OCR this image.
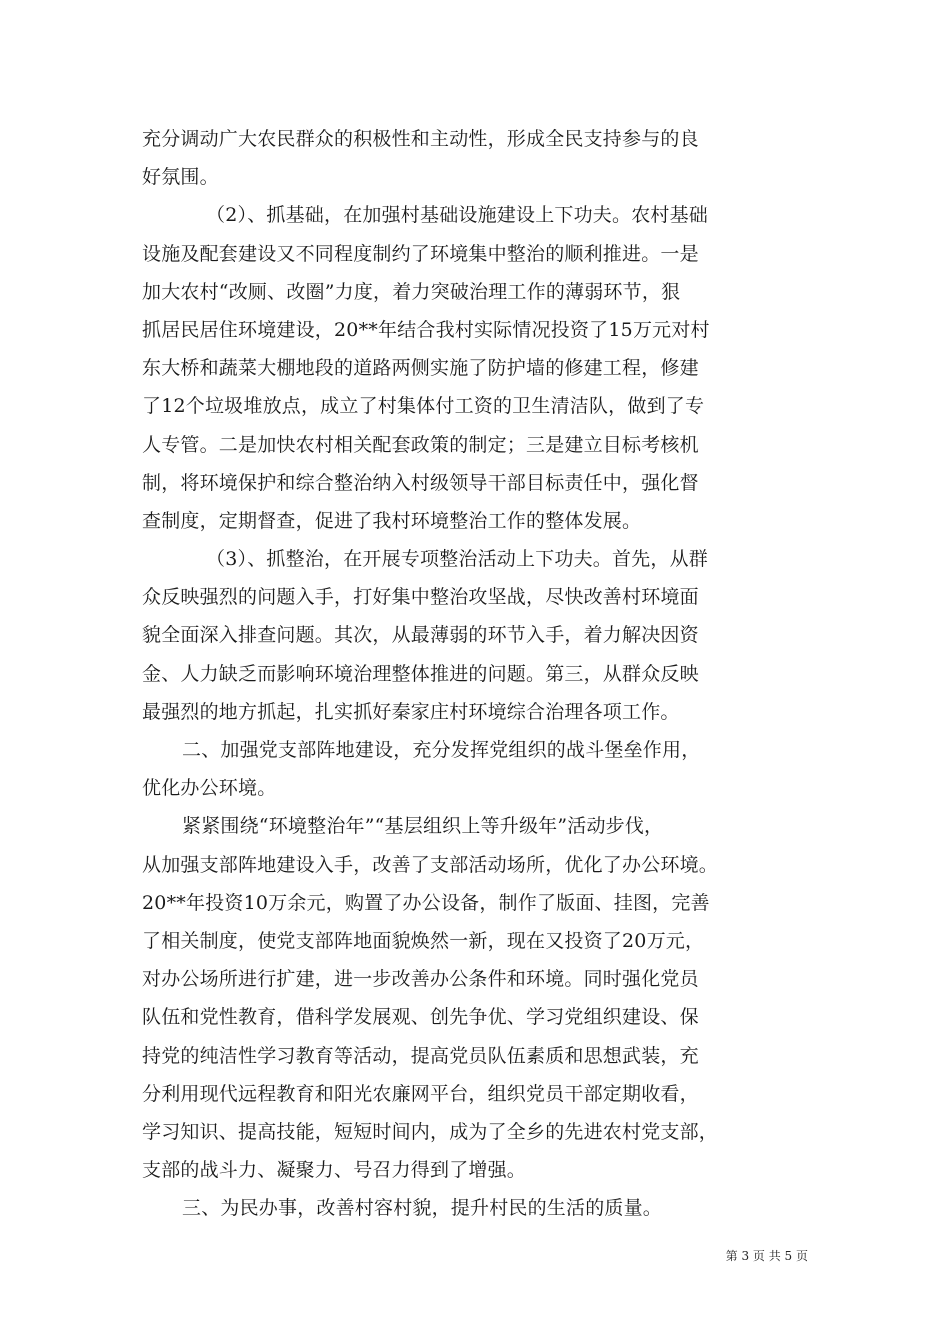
充分调动广大农民群众的积极性和主动性，形成全民支持参与的良
好氛围。
（2）、抓基础，在加强村基础设施建设上下功夫。农村基础
设施及配套建设又不同程度制约了环境集中整治的顺利推进。一是
加大农村“改厕、改圈”力度，着力突破治理工作的薄弱环节，狠
抓居民居住环境建设，20**年结合我村实际情况投资了15万元对村
东大桥和蔬菜大棚地段的道路两侧实施了防护墙的修建工程，修建
了12个垃圾堆放点，成立了村集体付工资的卫生清洁队，做到了专
人专管。二是加快农村相关配套政策的制定；三是建立目标考核机
制，将环境保护和综合整治纳入村级领导干部目标责任中，强化督
查制度，定期督查，促进了我村环境整治工作的整体发展。
（3）、抓整治，在开展专项整治活动上下功夫。首先，从群
众反映强烈的问题入手，打好集中整治攻坚战，尽快改善村环境面
貌全面深入排查问题。其次，从最薄弱的环节入手，着力解决因资
金、人力缺乏而影响环境治理整体推进的问题。第三，从群众反映
最强烈的地方抓起，扎实抓好秦家庄村环境综合治理各项工作。
二、加强党支部阵地建设，充分发挥党组织的战斗堡垒作用，
优化办公环境。
紧紧围绕“环境整治年”“基层组织上等升级年”活动步伐，
从加强支部阵地建设入手，改善了支部活动场所，优化了办公环境。
20**年投资10万余元，购置了办公设备，制作了版面、挂图，完善
了相关制度，使党支部阵地面貌焕然一新，现在又投资了20万元，
对办公场所进行扩建，进一步改善办公条件和环境。同时强化党员
队伍和党性教育，借科学发展观、创先争优、学习党组织建设、保
持党的纯洁性学习教育等活动，提高党员队伍素质和思想武装，充
分利用现代远程教育和阳光农廉网平台，组织党员干部定期收看，
学习知识、提高技能，短短时间内，成为了全乡的先进农村党支部，
支部的战斗力、凝聚力、号召力得到了增强。
三、为民办事，改善村容村貌，提升村民的生活的质量。
第 3 页 共 5 页
